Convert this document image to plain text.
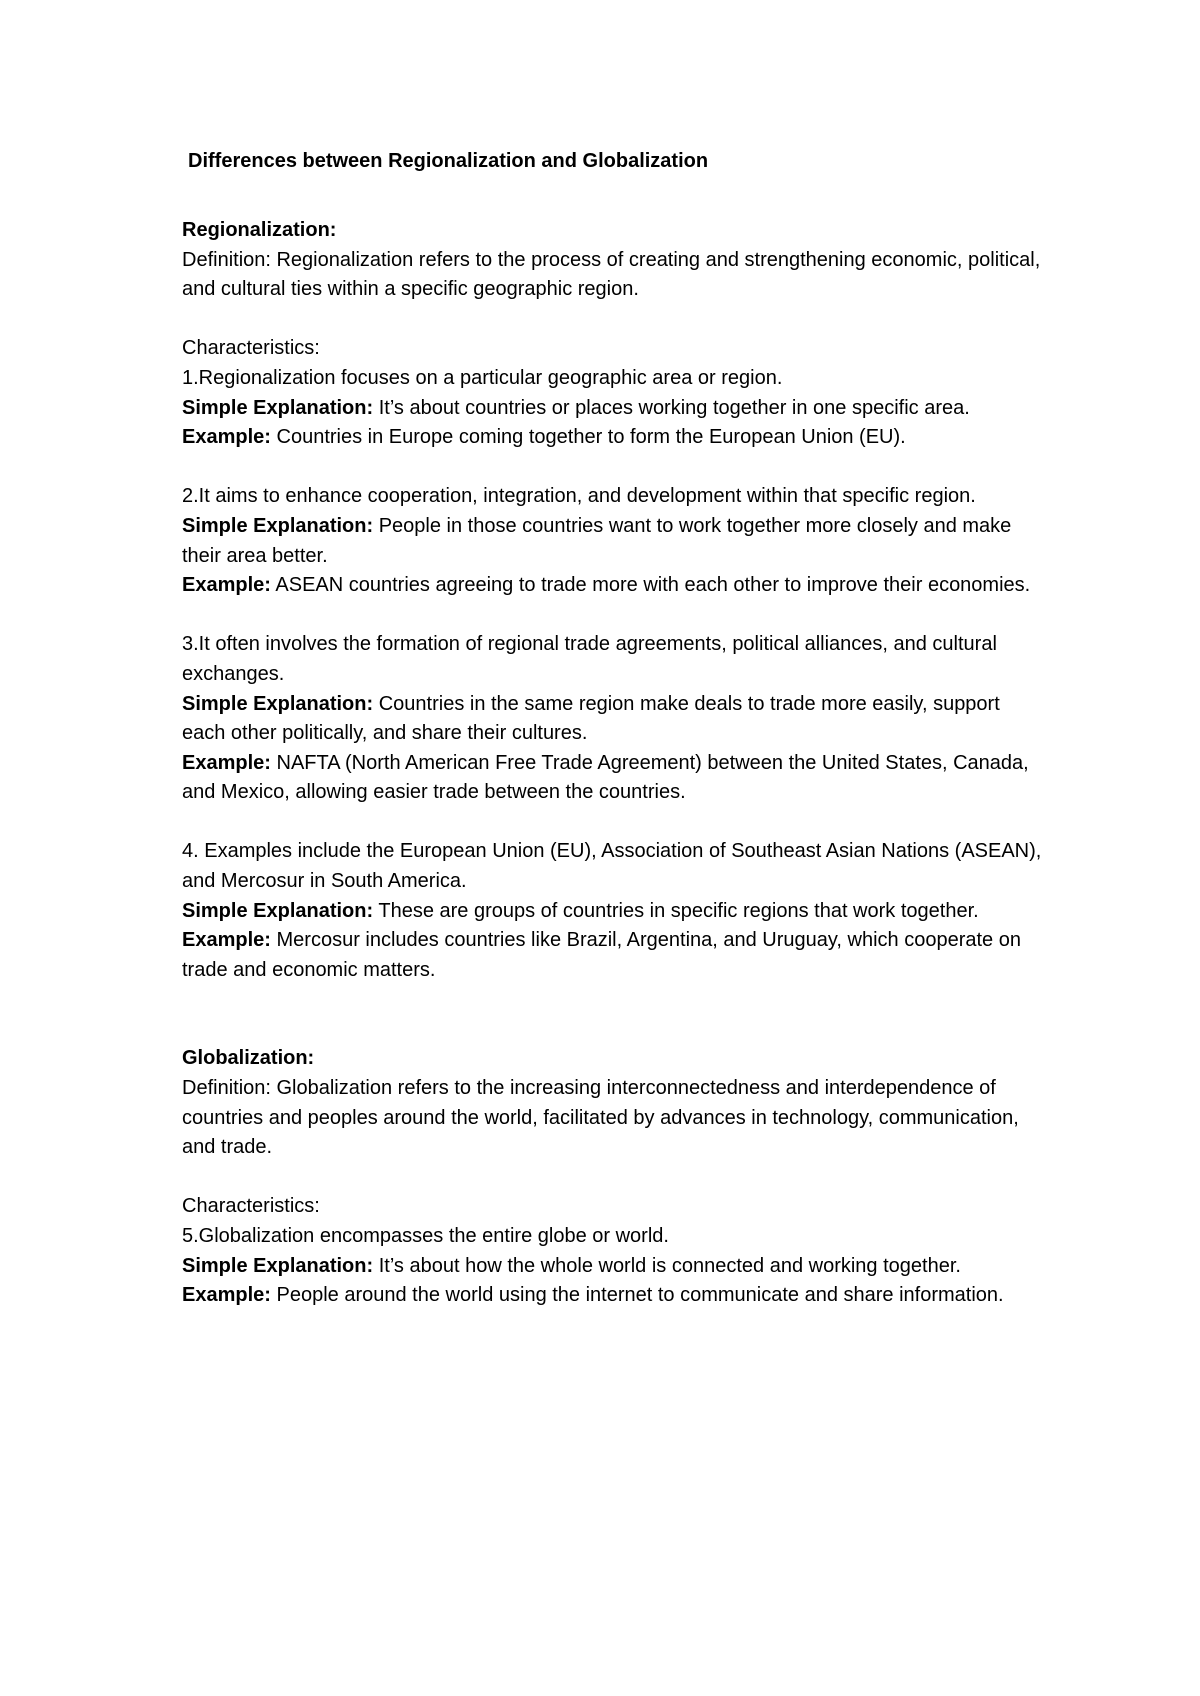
Differences between Regionalization and Globalization

Regionalization:

Definition: Regionalization refers to the process of creating and strengthening economic, political, and cultural ties within a specific geographic region.

Characteristics:

1.Regionalization focuses on a particular geographic area or region.

Simple Explanation: It’s about countries or places working together in one specific area.

Example: Countries in Europe coming together to form the European Union (EU).

2.It aims to enhance cooperation, integration, and development within that specific region.

Simple Explanation: People in those countries want to work together more closely and make their area better.

Example: ASEAN countries agreeing to trade more with each other to improve their economies.

3.It often involves the formation of regional trade agreements, political alliances, and cultural exchanges.

Simple Explanation: Countries in the same region make deals to trade more easily, support each other politically, and share their cultures.

Example: NAFTA (North American Free Trade Agreement) between the United States, Canada, and Mexico, allowing easier trade between the countries.

4. Examples include the European Union (EU), Association of Southeast Asian Nations (ASEAN), and Mercosur in South America.

Simple Explanation: These are groups of countries in specific regions that work together.

Example: Mercosur includes countries like Brazil, Argentina, and Uruguay, which cooperate on trade and economic matters.

Globalization:

Definition: Globalization refers to the increasing interconnectedness and interdependence of countries and peoples around the world, facilitated by advances in technology, communication, and trade.

Characteristics:

5.Globalization encompasses the entire globe or world.

Simple Explanation: It’s about how the whole world is connected and working together.

Example: People around the world using the internet to communicate and share information.
